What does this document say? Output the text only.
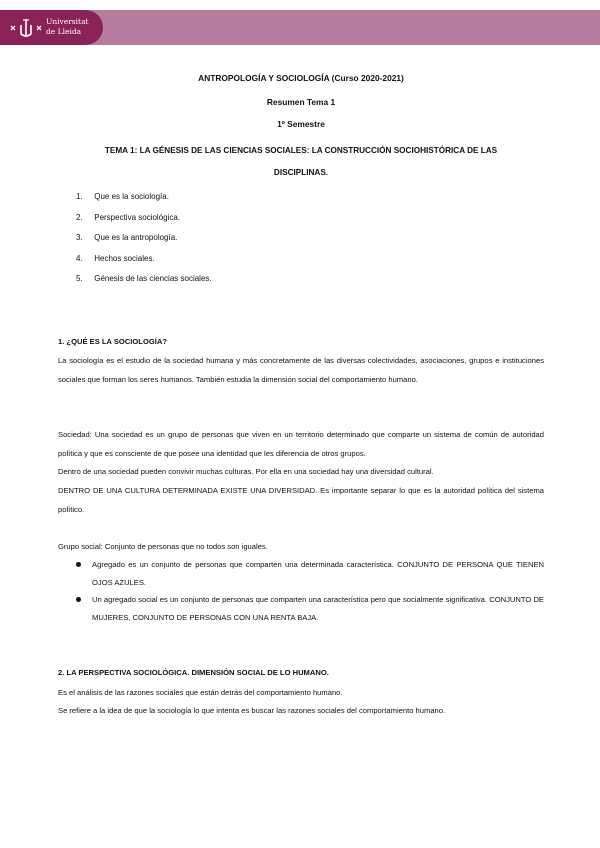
Universitat
de Lleida
ANTROPOLOGÍA Y SOCIOLOGÍA (Curso 2020-2021)
Resumen Tema 1
1º Semestre
TEMA 1: LA GÉNESIS DE LAS CIENCIAS SOCIALES: LA CONSTRUCCIÓN SOCIOHISTÓRICA DE LAS
DISCIPLINAS.
1. Que es la sociología.
2. Perspectiva sociológica.
3. Que es la antropología.
4. Hechos sociales.
5. Génesis de las ciencias sociales.
1. ¿QUÉ ES LA SOCIOLOGÍA?
La sociología es el estudio de la sociedad humana y más concretamente de las diversas colectividades, asociaciones, grupos e instituciones sociales que forman los seres humanos. También estudia la dimensión social del comportamiento humano.
Sociedad: Una sociedad es un grupo de personas que viven en un territorio determinado que comparte un sistema de común de autoridad política y que es consciente de que posee una identidad que les diferencia de otros grupos.
Dentro de una sociedad pueden convivir muchas culturas. Por ella en una sociedad hay una diversidad cultural.
DENTRO DE UNA CULTURA DETERMINADA EXISTE UNA DIVERSIDAD. Es importante separar lo que es la autoridad política del sistema político.
Grupo social: Conjunto de personas que no todos son iguales.
Agregado es un conjunto de personas que comparten una determinada característica. CONJUNTO DE PERSONA QUE TIENEN OJOS AZULES.
Un agregado social es un conjunto de personas que comparten una característica pero que socialmente significativa. CONJUNTO DE MUJERES, CONJUNTO DE PERSONAS CON UNA RENTA BAJA.
2. LA PERSPECTIVA SOCIOLÓGICA. DIMENSIÓN SOCIAL DE LO HUMANO.
Es el análisis de las razones sociales que están detrás del comportamiento humano.
Se refiere a la idea de que la sociología lo que intenta es buscar las razones sociales del comportamiento humano.
